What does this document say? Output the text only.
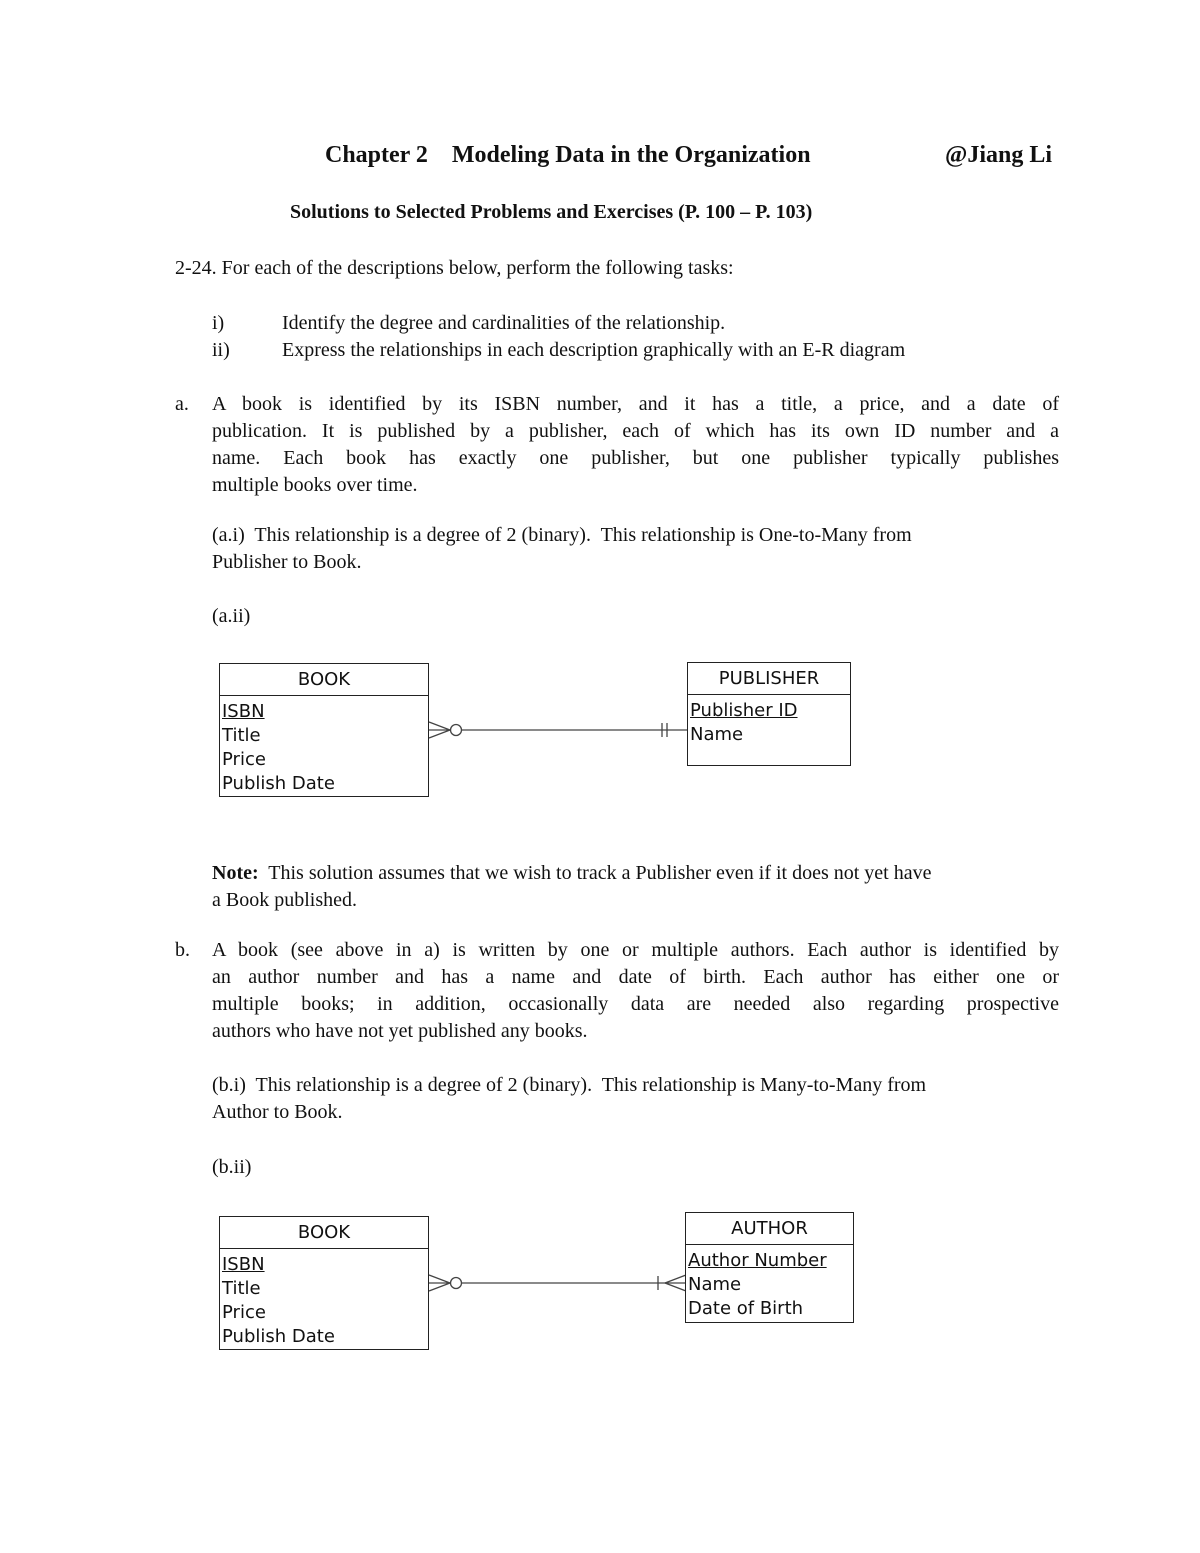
Chapter 2 Modeling Data in the Organization	@Jiang Li
Solutions to Selected Problems and Exercises (P. 100 – P. 103)
2-24. For each of the descriptions below, perform the following tasks:
i)	Identify the degree and cardinalities of the relationship.
ii)	Express the relationships in each description graphically with an E-R diagram
a. A book is identified by its ISBN number, and it has a title, a price, and a date of
publication. It is published by a publisher, each of which has its own ID number and a
name. Each book has exactly one publisher, but one publisher typically publishes
multiple books over time.
(a.i)  This relationship is a degree of 2 (binary).  This relationship is One-to-Many from
Publisher to Book.
(a.ii)
BOOK
ISBN
Title
Price
Publish Date
PUBLISHER
Publisher ID
Name
Note: This solution assumes that we wish to track a Publisher even if it does not yet have
a Book published.
b. A book (see above in a) is written by one or multiple authors. Each author is identified by
an author number and has a name and date of birth. Each author has either one or
multiple books; in addition, occasionally data are needed also regarding prospective
authors who have not yet published any books.
(b.i)  This relationship is a degree of 2 (binary).  This relationship is Many-to-Many from
Author to Book.
(b.ii)
BOOK
ISBN
Title
Price
Publish Date
AUTHOR
Author Number
Name
Date of Birth
